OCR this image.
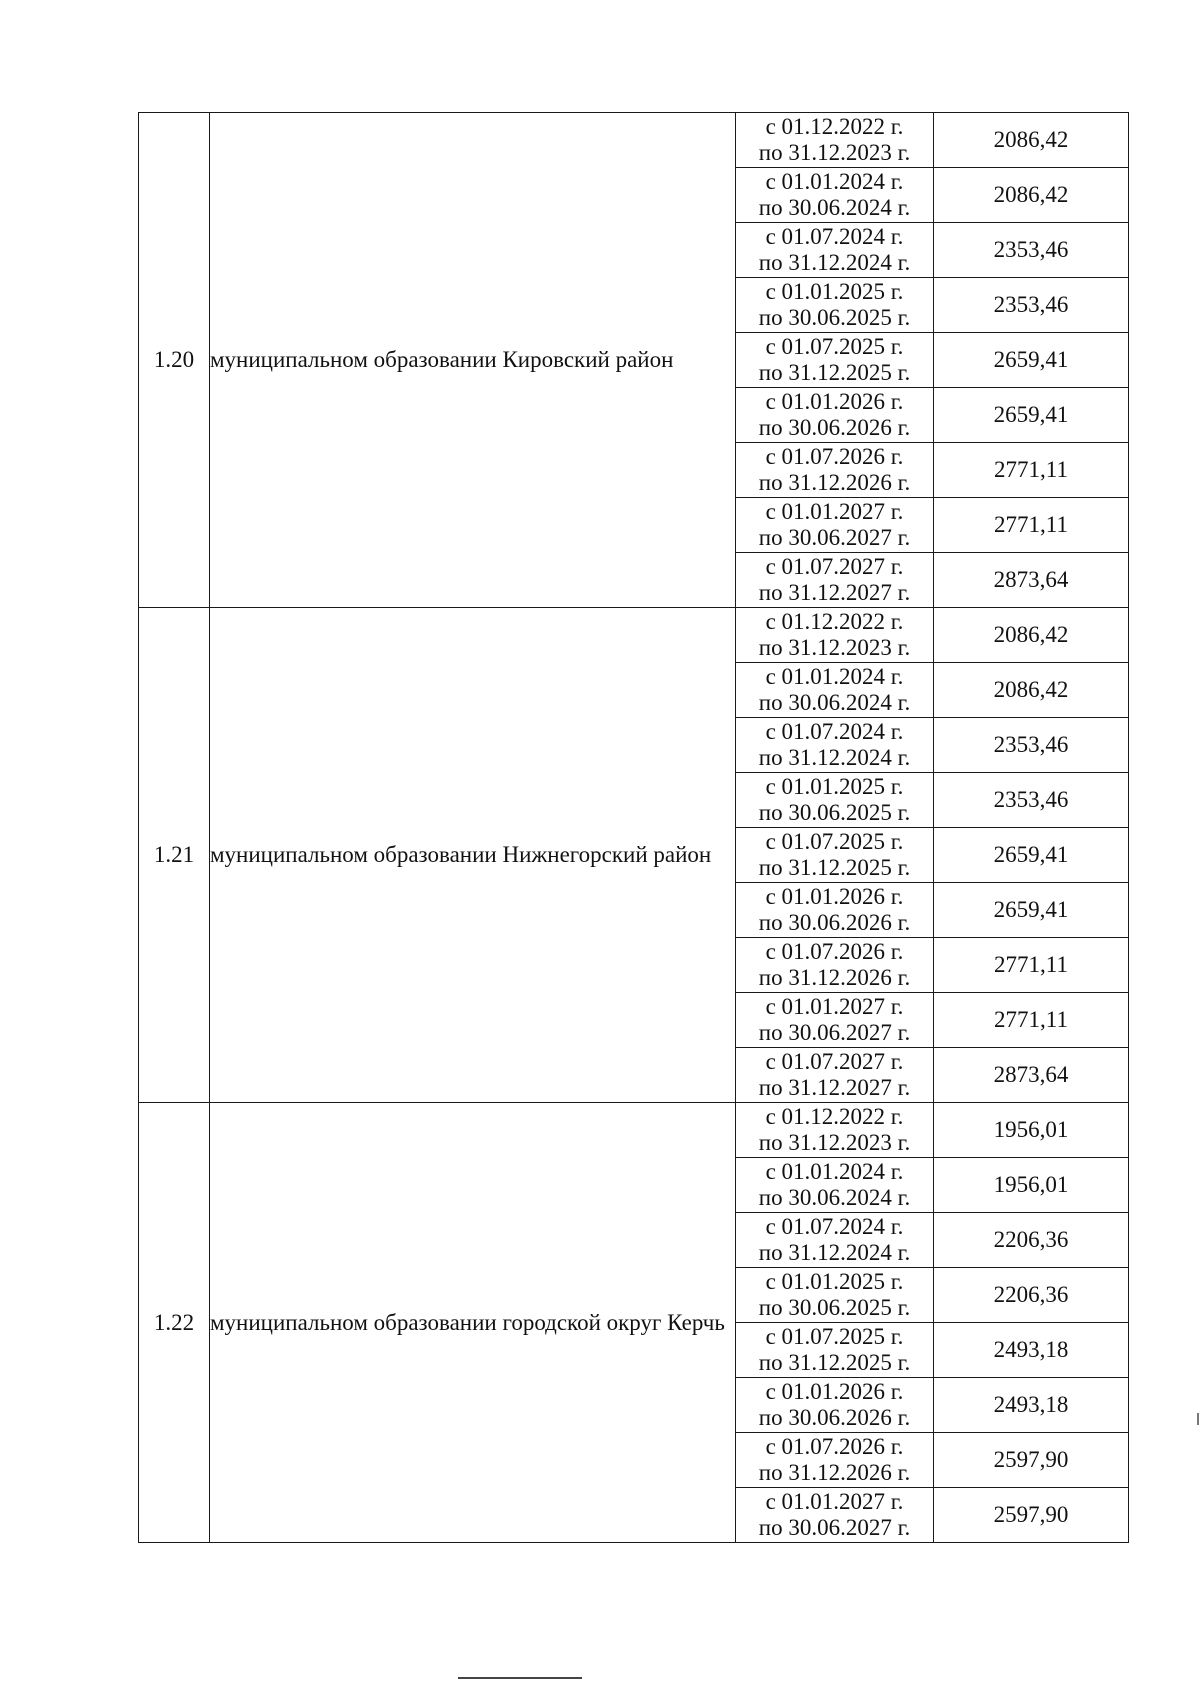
1.20	муниципальном образовании Кировский район	с 01.12.2022 г.
по 31.12.2023 г.	2086,42

		с 01.01.2024 г.
по 30.06.2024 г.	2086,42

		с 01.07.2024 г.
по 31.12.2024 г.	2353,46

		с 01.01.2025 г.
по 30.06.2025 г.	2353,46

		с 01.07.2025 г.
по 31.12.2025 г.	2659,41

		с 01.01.2026 г.
по 30.06.2026 г.	2659,41

		с 01.07.2026 г.
по 31.12.2026 г.	2771,11

		с 01.01.2027 г.
по 30.06.2027 г.	2771,11

		с 01.07.2027 г.
по 31.12.2027 г.	2873,64
1.21	муниципальном образовании Нижнегорский район	с 01.12.2022 г.
по 31.12.2023 г.	2086,42

		с 01.01.2024 г.
по 30.06.2024 г.	2086,42

		с 01.07.2024 г.
по 31.12.2024 г.	2353,46

		с 01.01.2025 г.
по 30.06.2025 г.	2353,46

		с 01.07.2025 г.
по 31.12.2025 г.	2659,41

		с 01.01.2026 г.
по 30.06.2026 г.	2659,41

		с 01.07.2026 г.
по 31.12.2026 г.	2771,11

		с 01.01.2027 г.
по 30.06.2027 г.	2771,11

		с 01.07.2027 г.
по 31.12.2027 г.	2873,64
1.22	муниципальном образовании городской округ Керчь	с 01.12.2022 г.
по 31.12.2023 г.	1956,01

		с 01.01.2024 г.
по 30.06.2024 г.	1956,01

		с 01.07.2024 г.
по 31.12.2024 г.	2206,36

		с 01.01.2025 г.
по 30.06.2025 г.	2206,36

		с 01.07.2025 г.
по 31.12.2025 г.	2493,18

		с 01.01.2026 г.
по 30.06.2026 г.	2493,18

		с 01.07.2026 г.
по 31.12.2026 г.	2597,90

		с 01.01.2027 г.
по 30.06.2027 г.	2597,90
